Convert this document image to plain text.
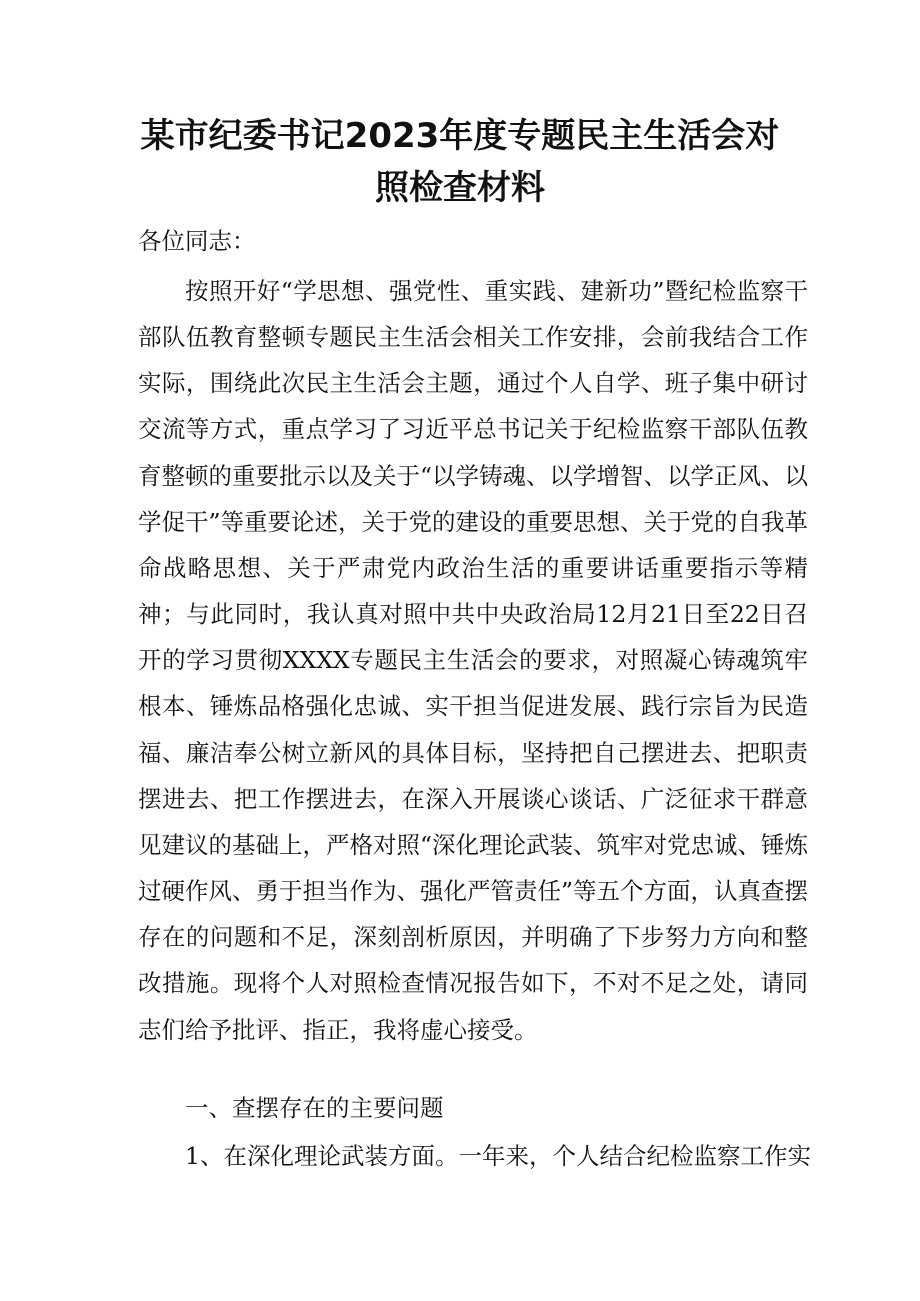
某市纪委书记2023年度专题民主生活会对
照检查材料
各位同志：

按照开好“学思想、强党性、重实践、建新功”暨纪检监察干部队伍教育整顿专题民主生活会相关工作安排，会前我结合工作实际，围绕此次民主生活会主题，通过个人自学、班子集中研讨交流等方式，重点学习了习近平总书记关于纪检监察干部队伍教育整顿的重要批示以及关于“以学铸魂、以学增智、以学正风、以学促干”等重要论述，关于党的建设的重要思想、关于党的自我革命战略思想、关于严肃党内政治生活的重要讲话重要指示等精神；与此同时，我认真对照中共中央政治局12月21日至22日召开的学习贯彻XXXX专题民主生活会的要求，对照凝心铸魂筑牢根本、锤炼品格强化忠诚、实干担当促进发展、践行宗旨为民造福、廉洁奉公树立新风的具体目标，坚持把自己摆进去、把职责摆进去、把工作摆进去，在深入开展谈心谈话、广泛征求干群意见建议的基础上，严格对照“深化理论武装、筑牢对党忠诚、锤炼过硬作风、勇于担当作为、强化严管责任”等五个方面，认真查摆存在的问题和不足，深刻剖析原因，并明确了下步努力方向和整改措施。现将个人对照检查情况报告如下，不对不足之处，请同志们给予批评、指正，我将虚心接受。

一、查摆存在的主要问题

1、在深化理论武装方面。一年来，个人结合纪检监察工作实
